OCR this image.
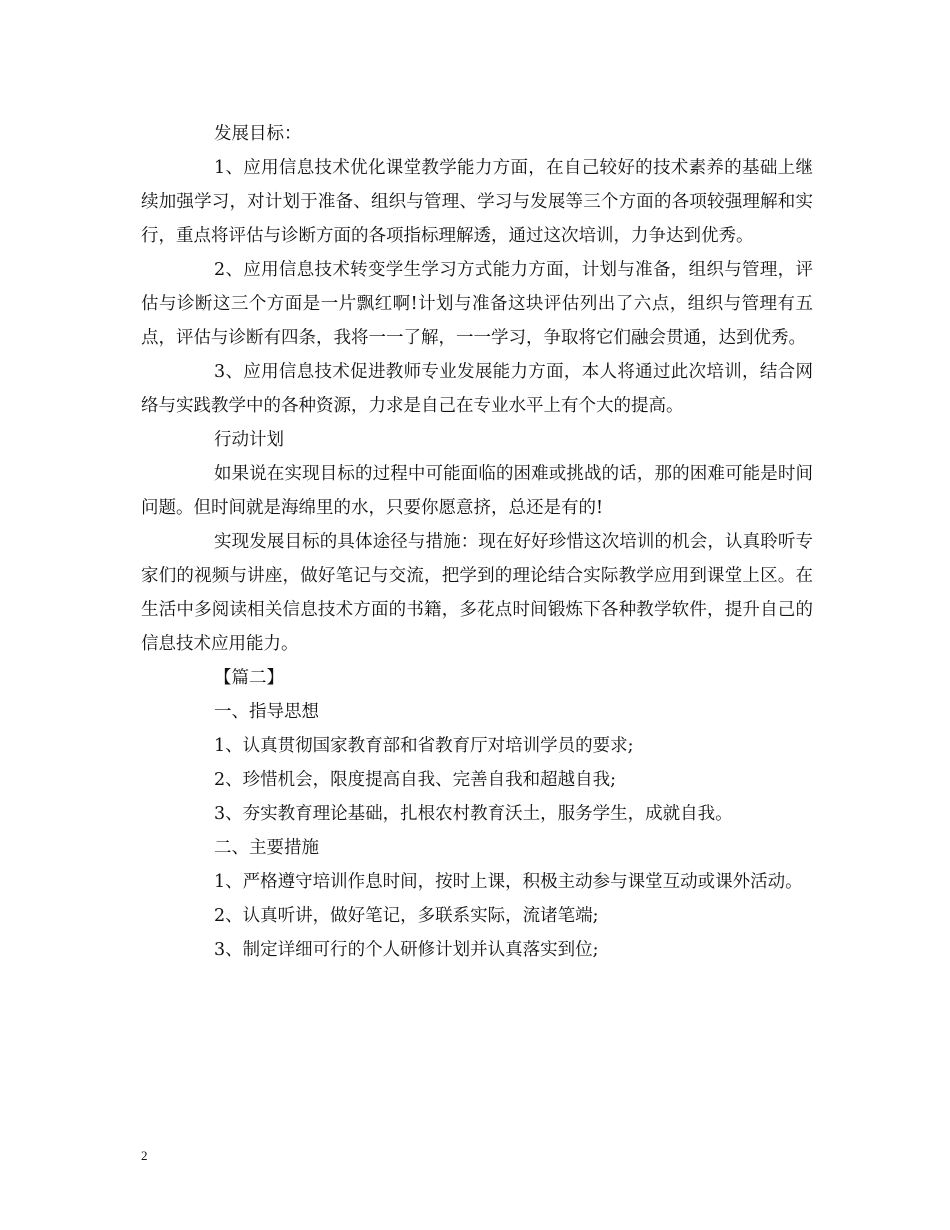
发展目标：

1、应用信息技术优化课堂教学能力方面，在自己较好的技术素养的基础上继续加强学习，对计划于准备、组织与管理、学习与发展等三个方面的各项较强理解和实行，重点将评估与诊断方面的各项指标理解透，通过这次培训，力争达到优秀。

2、应用信息技术转变学生学习方式能力方面，计划与准备，组织与管理，评估与诊断这三个方面是一片飘红啊!计划与准备这块评估列出了六点，组织与管理有五点，评估与诊断有四条，我将一一了解，一一学习，争取将它们融会贯通，达到优秀。

3、应用信息技术促进教师专业发展能力方面，本人将通过此次培训，结合网络与实践教学中的各种资源，力求是自己在专业水平上有个大的提高。

行动计划

如果说在实现目标的过程中可能面临的困难或挑战的话，那的困难可能是时间问题。但时间就是海绵里的水，只要你愿意挤，总还是有的!

实现发展目标的具体途径与措施：现在好好珍惜这次培训的机会，认真聆听专家们的视频与讲座，做好笔记与交流，把学到的理论结合实际教学应用到课堂上区。在生活中多阅读相关信息技术方面的书籍，多花点时间锻炼下各种教学软件，提升自己的信息技术应用能力。

【篇二】

一、指导思想

1、认真贯彻国家教育部和省教育厅对培训学员的要求;

2、珍惜机会，限度提高自我、完善自我和超越自我;

3、夯实教育理论基础，扎根农村教育沃土，服务学生，成就自我。

二、主要措施

1、严格遵守培训作息时间，按时上课，积极主动参与课堂互动或课外活动。

2、认真听讲，做好笔记，多联系实际，流诸笔端;

3、制定详细可行的个人研修计划并认真落实到位;

2
